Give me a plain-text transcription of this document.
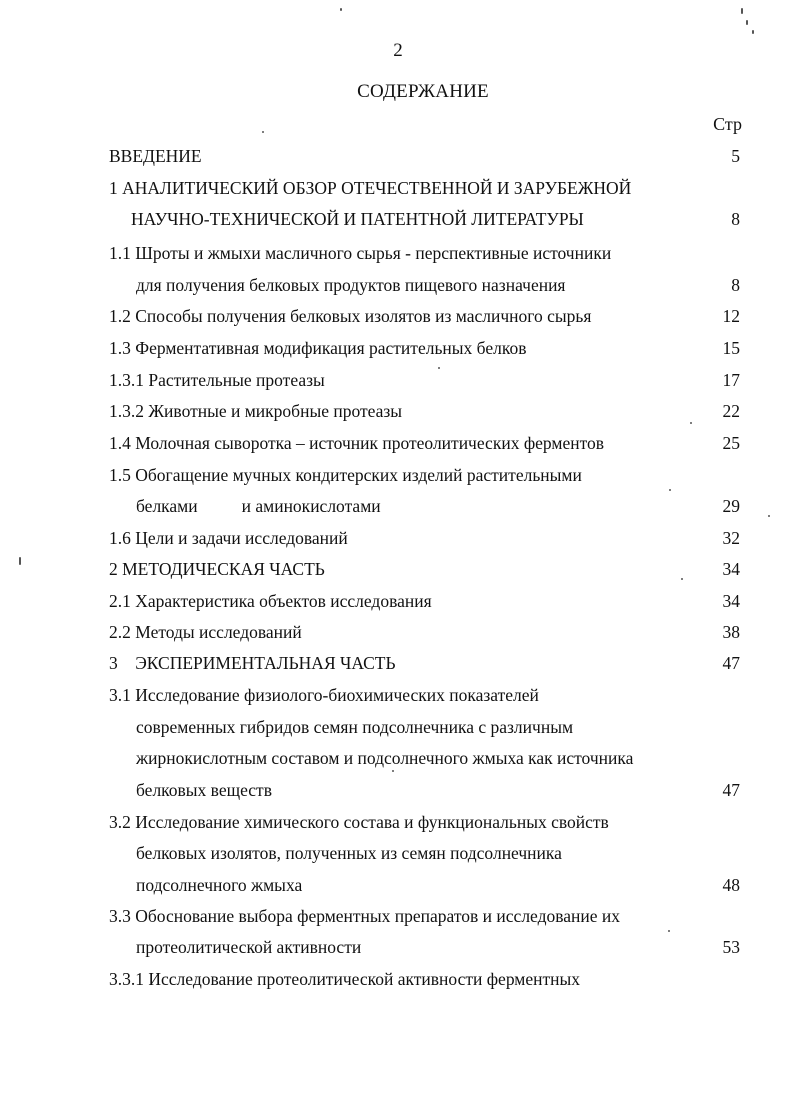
2
СОДЕРЖАНИЕ
Стр
ВВЕДЕНИЕ	5
1 АНАЛИТИЧЕСКИЙ ОБЗОР ОТЕЧЕСТВЕННОЙ И ЗАРУБЕЖНОЙ
НАУЧНО-ТЕХНИЧЕСКОЙ И ПАТЕНТНОЙ ЛИТЕРАТУРЫ	8
1.1 Шроты и жмыхи масличного сырья - перспективные источники
для получения белковых продуктов пищевого назначения	8
1.2 Способы получения белковых изолятов из масличного сырья	12
1.3 Ферментативная модификация растительных белков	15
1.3.1 Растительные протеазы	17
1.3.2 Животные и микробные протеазы	22
1.4 Молочная сыворотка – источник протеолитических ферментов	25
1.5 Обогащение мучных кондитерских изделий растительными
белками	и аминокислотами	29
1.6 Цели и задачи исследований	32
2 МЕТОДИЧЕСКАЯ ЧАСТЬ	34
2.1 Характеристика объектов исследования	34
2.2 Методы исследований	38
3    ЭКСПЕРИМЕНТАЛЬНАЯ ЧАСТЬ	47
3.1 Исследование физиолого-биохимических показателей
современных гибридов семян подсолнечника с различным
жирнокислотным составом и подсолнечного жмыха как источника
белковых веществ	47
3.2 Исследование химического состава и функциональных свойств
белковых изолятов, полученных из семян подсолнечника
подсолнечного жмыха	48
3.3 Обоснование выбора ферментных препаратов и исследование их
протеолитической активности	53
3.3.1 Исследование протеолитической активности ферментных
